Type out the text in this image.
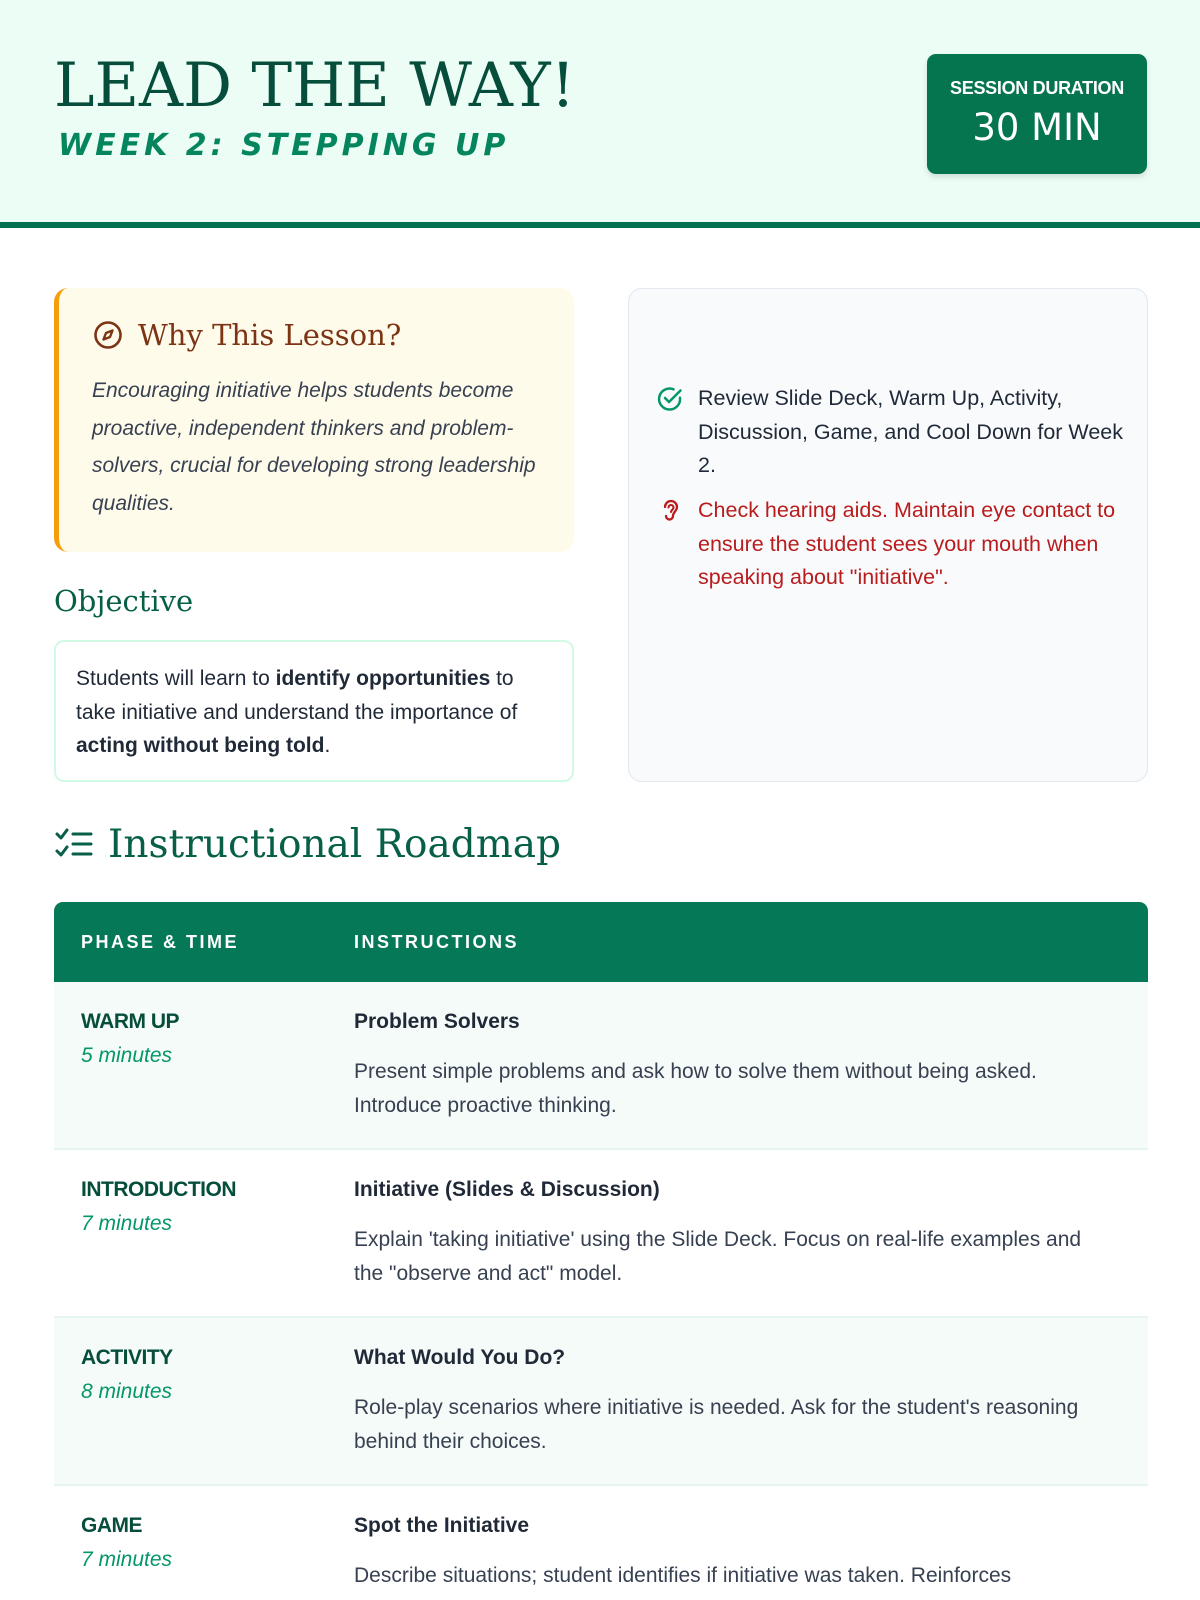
LEAD THE WAY!
WEEK 2: STEPPING UP
SESSION DURATION
30 MIN
Why This Lesson?

Encouraging initiative helps students become proactive, independent thinkers and problem-solvers, crucial for developing strong leadership qualities.

Objective

Students will learn to identify opportunities to take initiative and understand the importance of acting without being told.

Instructional Roadmap
PHASE & TIME	INSTRUCTIONS
WARM UP
5 minutes
Problem Solvers
Present simple problems and ask how to solve them without being asked. Introduce proactive thinking.
INTRODUCTION
7 minutes
Initiative (Slides & Discussion)
Explain 'taking initiative' using the Slide Deck. Focus on real-life examples and the "observe and act" model.
ACTIVITY
8 minutes
What Would You Do?
Role-play scenarios where initiative is needed. Ask for the student's reasoning behind their choices.
GAME
7 minutes
Spot the Initiative
Describe situations; student identifies if initiative was taken. Reinforces
Review Slide Deck, Warm Up, Activity, Discussion, Game, and Cool Down for Week 2.
Check hearing aids. Maintain eye contact to ensure the student sees your mouth when speaking about "initiative".
